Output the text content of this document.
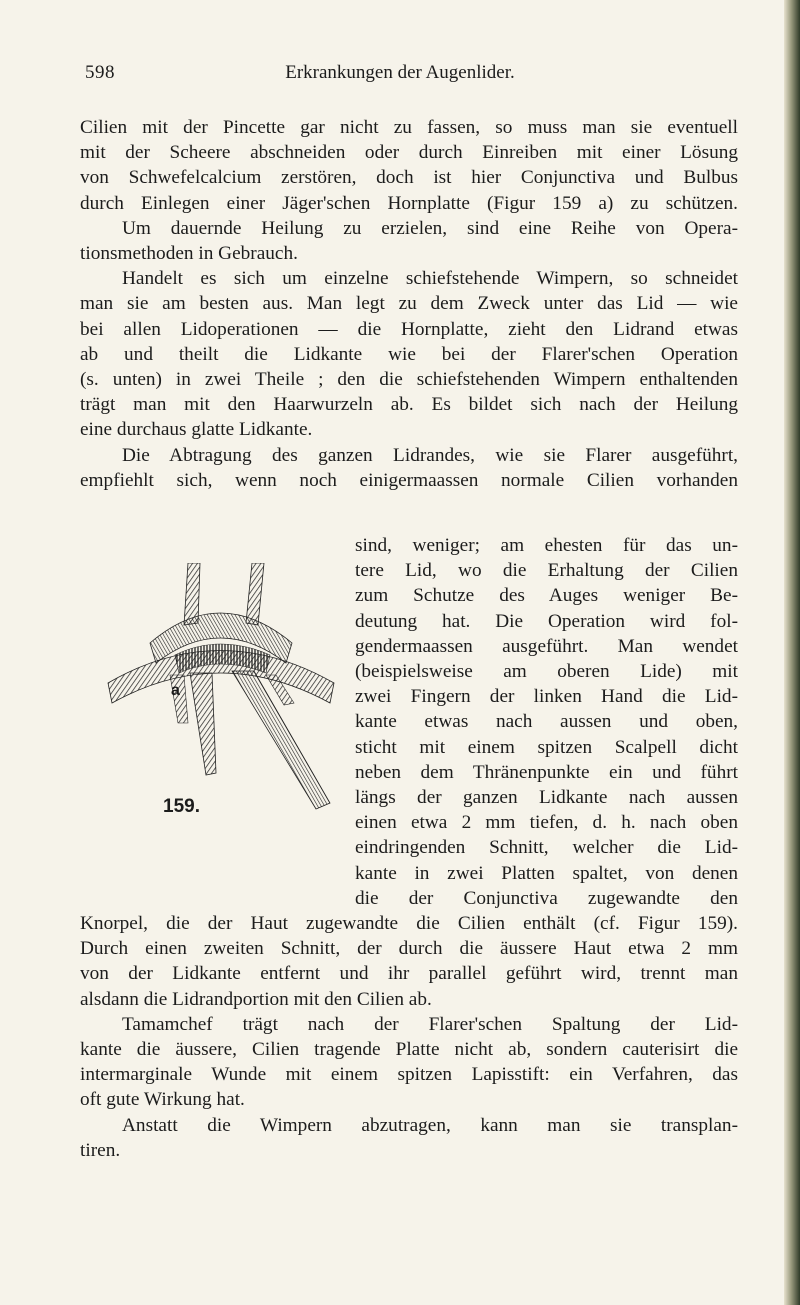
598	Erkrankungen der Augenlider.

Cilien mit der Pincette gar nicht zu fassen, so muss man sie eventuell

mit der Scheere abschneiden oder durch Einreiben mit einer Lösung

von Schwefelcalcium zerstören, doch ist hier Conjunctiva und Bulbus

durch Einlegen einer Jäger'schen Hornplatte (Figur 159 a) zu schützen.

Um dauernde Heilung zu erzielen, sind eine Reihe von Opera-

tionsmethoden in Gebrauch.

Handelt es sich um einzelne schiefstehende Wimpern, so schneidet

man sie am besten aus. Man legt zu dem Zweck unter das Lid — wie

bei allen Lidoperationen — die Hornplatte, zieht den Lidrand etwas

ab und theilt die Lidkante wie bei der Flarer'schen Operation

(s. unten) in zwei Theile ; den die schiefstehenden Wimpern enthaltenden

trägt man mit den Haarwurzeln ab. Es bildet sich nach der Heilung

eine durchaus glatte Lidkante.

Die Abtragung des ganzen Lidrandes, wie sie Flarer ausgeführt,

empfiehlt sich, wenn noch einigermaassen normale Cilien vorhanden

sind, weniger; am ehesten für das un-

tere Lid, wo die Erhaltung der Cilien

zum Schutze des Auges weniger Be-

deutung hat. Die Operation wird fol-

gendermaassen ausgeführt. Man wendet

(beispielsweise am oberen Lide) mit

zwei Fingern der linken Hand die Lid-

kante etwas nach aussen und oben,

sticht mit einem spitzen Scalpell dicht

neben dem Thränenpunkte ein und führt

längs der ganzen Lidkante nach aussen

einen etwa 2 mm tiefen, d. h. nach oben

eindringenden Schnitt, welcher die Lid-

kante in zwei Platten spaltet, von denen

die der Conjunctiva zugewandte den

a
159.

Knorpel, die der Haut zugewandte die Cilien enthält (cf. Figur 159).

Durch einen zweiten Schnitt, der durch die äussere Haut etwa 2 mm

von der Lidkante entfernt und ihr parallel geführt wird, trennt man

alsdann die Lidrandportion mit den Cilien ab.

Tamamchef trägt nach der Flarer'schen Spaltung der Lid-

kante die äussere, Cilien tragende Platte nicht ab, sondern cauterisirt die

intermarginale Wunde mit einem spitzen Lapisstift: ein Verfahren, das

oft gute Wirkung hat.

Anstatt die Wimpern abzutragen, kann man sie transplan-

tiren.
